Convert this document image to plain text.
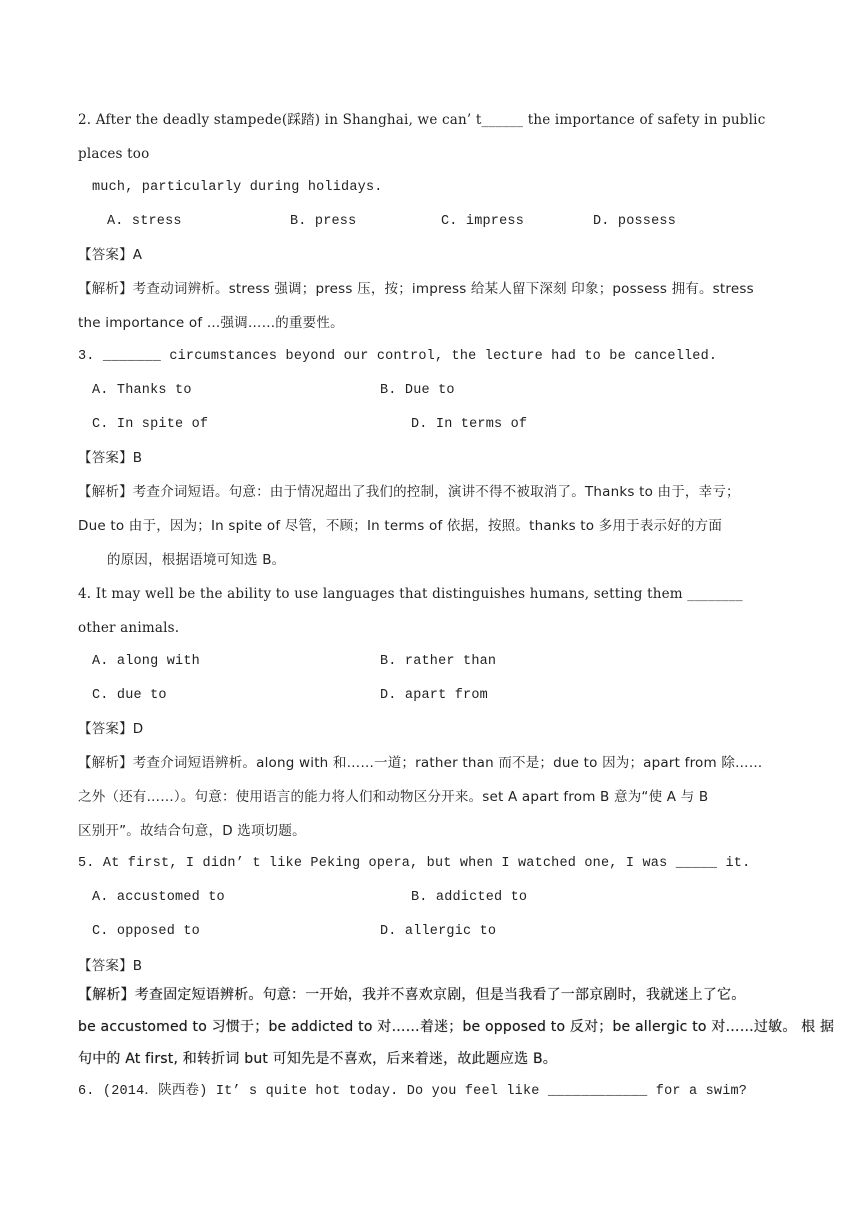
2. After the deadly stampede(踩踏) in Shanghai, we can’ t______ the importance of safety in public
places too
much, particularly during holidays.
A. stress	B. press	C. impress	D. possess
【答案】A
【解析】考查动词辨析。stress 强调；press 压，按；impress 给某人留下深刻 印象；possess 拥有。stress
the importance of …强调……的重要性。
3. _______ circumstances beyond our control, the lecture had to be cancelled.
A. Thanks to	B. Due to
C. In spite of	D. In terms of
【答案】B
【解析】考查介词短语。句意：由于情况超出了我们的控制，演讲不得不被取消了。Thanks to 由于，幸亏；
Due to 由于，因为；In spite of 尽管，不顾；In terms of 依据，按照。thanks to 多用于表示好的方面
的原因，根据语境可知选 B。
4. It may well be the ability to use languages that distinguishes humans, setting them ________
other animals.
A. along with	B. rather than
C. due to	D. apart from
【答案】D
【解析】考查介词短语辨析。along with 和……一道；rather than 而不是；due to 因为；apart from 除……
之外（还有……）。句意：使用语言的能力将人们和动物区分开来。set A apart from B 意为“使 A 与 B
区别开”。故结合句意，D 选项切题。
5. At first, I didn’ t like Peking opera, but when I watched one, I was _____ it.
A. accustomed to	B. addicted to
C. opposed to	D. allergic to
【答案】B
【解析】考查固定短语辨析。句意：一开始，我并不喜欢京剧，但是当我看了一部京剧时，我就迷上了它。
be accustomed to 习惯于；be addicted to 对……着迷；be opposed to 反对；be allergic to 对……过敏。 根 据
句中的 At first, 和转折词 but 可知先是不喜欢，后来着迷，故此题应选 B。
6. (2014．陕西卷) It’ s quite hot today. Do you feel like ____________ for a swim?
